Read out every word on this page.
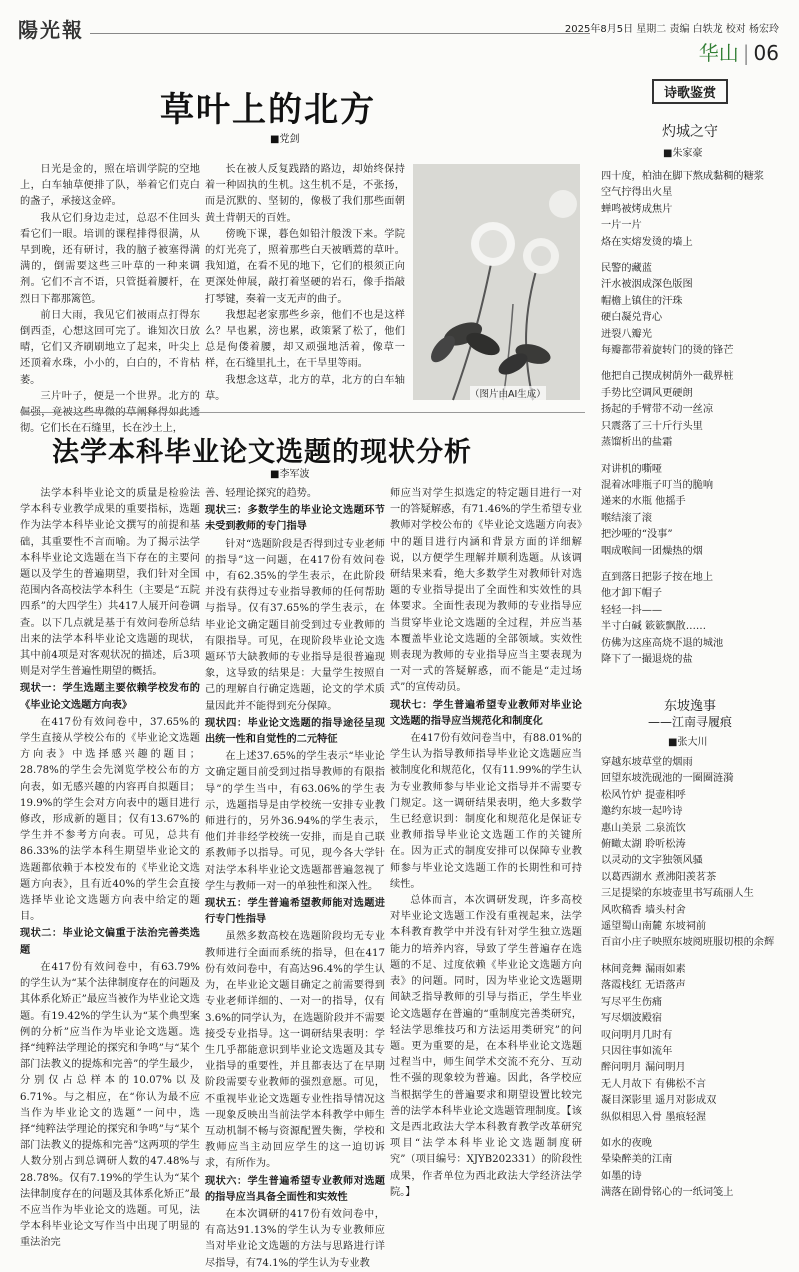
陽光報	2025年8月5日 星期二 责编 白轶龙 校对 杨宏玲
华山 | 06
草叶上的北方
■党剑

日光是金的，照在培训学院的空地上，白车轴草便排了队，举着它们克白的盏子，承接这金碎。

我从它们身边走过，总忍不住回头看它们一眼。培训的课程排得很满，从早到晚，还有研讨，我的脑子被塞得满满的，倒需要这些三叶草的一种来调剂。它们不言不语，只管挺着腰杆，在烈日下都那篱笆。

前日大雨，我见它们被雨点打得东倒西歪，心想这回可完了。谁知次日放晴，它们又齐刷刷地立了起来，叶尖上还顶着水珠，小小的，白白的，不肯枯萎。

三片叶子，便是一个世界。北方的倔强，竟被这些卑微的草阐释得如此透彻。它们长在石缝里，长在沙土上，

长在被人反复践踏的路边，却始终保持着一种固执的生机。这生机不是，不张扬，而是沉默的、坚韧的，像极了我们那些面朝黄土背朝天的百姓。

傍晚下课，暮色如铅汁般泼下来。学院的灯光亮了，照着那些白天被晒蔫的草叶。我知道，在看不见的地下，它们的根须正向更深处伸展，敲打着坚硬的岩石，像手指敲打琴键，奏着一支无声的曲子。

我想起老家那些乡亲，他们不也是这样么？早也累，滂也累，政策紧了松了，他们总是佝偻着腰，却又顽强地活着，像草一样，在石缝里扎土，在干旱里等雨。

我想念这草，北方的草，北方的白车轴草。	（图片由AI生成）
法学本科毕业论文选题的现状分析
■李军波

法学本科毕业论文的质量是检验法学本科专业教学成果的重要指标，选题作为法学本科毕业论文撰写的前提和基础，其重要性不言而喻。为了揭示法学本科毕业论文选题在当下存在的主要问题以及学生的普遍期望，我们针对全国范围内各高校法学本科生（主要是“五院四系”的大四学生）共417人展开问卷调查。以下几点就是基于有效问卷所总结出来的法学本科毕业论文选题的现状，其中前4项是对客观状况的描述，后3项则是对学生普遍性期望的概括。

现状一：学生选题主要依赖学校发布的《毕业论文选题方向表》

在417份有效问卷中，37.65%的学生直接从学校公布的《毕业论文选题方向表》中选择感兴趣的题目；28.78%的学生会先浏览学校公布的方向表，如无感兴趣的内容再自拟题目；19.9%的学生会对方向表中的题目进行修改，形成新的题目；仅有13.67%的学生并不参考方向表。可见，总共有86.33%的法学本科生期望毕业论文的选题都依赖于本校发布的《毕业论文选题方向表》，且有近40%的学生会直接选择毕业论文选题方向表中给定的题目。

现状二：毕业论文偏重于法治完善类选题

在417份有效问卷中，有63.79%的学生认为“某个法律制度存在的问题及其体系化矫正”最应当被作为毕业论文选题。有19.42%的学生认为“某个典型案例的分析”应当作为毕业论文选题。选择“纯粹法学理论的探究和争鸣”与“某个部门法教义的提炼和完善”的学生最少，分别仅占总样本的10.07%以及6.71%。与之相应，在“你认为最不应当作为毕业论文的选题”一问中，选择“纯粹法学理论的探究和争鸣”与“某个部门法教义的提炼和完善”这两项的学生人数分别占到总调研人数的47.48%与28.78%。仅有7.19%的学生认为“某个法律制度存在的问题及其体系化矫正”最不应当作为毕业论文的选题。可见，法学本科毕业论文写作当中出现了明显的重法治完

善、轻理论探究的趋势。

现状三：多数学生的毕业论文选题环节未受到教师的专门指导

针对“选题阶段是否得到过专业老师的指导”这一问题，在417份有效问卷中，有62.35%的学生表示，在此阶段并没有获得过专业指导教师的任何帮助与指导。仅有37.65%的学生表示，在毕业论文确定题目前受到过专业教师的有限指导。可见，在现阶段毕业论文选题环节大缺教师的专业指导是很普遍现象，这导致的结果是：大量学生按照自己的理解自行确定选题，论文的学术质量因此并不能得到充分保障。

现状四：毕业论文选题的指导途径呈现出统一性和自觉性的二元特征

在上述37.65%的学生表示“毕业论文确定题目前受到过指导教师的有限指导”的学生当中，有63.06%的学生表示，选题指导是由学校统一安排专业教师进行的，另外36.94%的学生表示，他们并非经学校统一安排，而是自己联系教师予以指导。可见，现今各大学针对法学本科毕业论文选题都普遍忽视了学生与教师一对一的单独性和深入性。

现状五：学生普遍希望教师能对选题进行专门性指导

虽然多数高校在选题阶段均无专业教师进行全面而系统的指导，但在417份有效问卷中，有高达96.4%的学生认为，在毕业论文题目确定之前需要得到专业老师详细的、一对一的指导，仅有3.6%的同学认为，在选题阶段并不需要接受专业指导。这一调研结果表明：学生几乎都能意识到毕业论文选题及其专业指导的重要性，并且都表达了在早期阶段需要专业教师的强烈意愿。可见，不重视毕业论文选题专业性指导情况这一现象反映出当前法学本科教学中师生互动机制不畅与资源配置失衡，学校和教师应当主动回应学生的这一迫切诉求，有所作为。

现状六：学生普遍希望专业教师对选题的指导应当具备全面性和实效性

在本次调研的417份有效问卷中，有高达91.13%的学生认为专业教师应当对毕业论文选题的方法与思路进行详尽指导，有74.1%的学生认为专业教

师应当对学生拟选定的特定题目进行一对一的答疑解惑，有71.46%的学生希望专业教师对学校公布的《毕业论文选题方向表》中的题目进行内涵和背景方面的详细解说，以方便学生理解并顺利选题。从该调研结果来看，绝大多数学生对教师针对选题的专业指导提出了全面性和实效性的具体要求。全面性表现为教师的专业指导应当贯穿毕业论文选题的全过程，并应当基本覆盖毕业论文选题的全部领域。实效性则表现为教师的专业指导应当主要表现为一对一式的答疑解惑，而不能是“走过场式”的宣传动员。

现状七：学生普遍希望专业教师对毕业论文选题的指导应当规范化和制度化

在417份有效问卷当中，有88.01%的学生认为指导教师指导毕业论文选题应当被制度化和规范化，仅有11.99%的学生认为专业教师参与毕业论文指导并不需要专门规定。这一调研结果表明，绝大多数学生已经意识到：制度化和规范化是保证专业教师指导毕业论文选题工作的关键所在。因为正式的制度安排可以保障专业教师参与毕业论文选题工作的长期性和可持续性。

总体而言，本次调研发现，许多高校对毕业论文选题工作没有重视起来，法学本科教育教学中并没有针对学生独立选题能力的培养内容，导致了学生普遍存在选题的不足、过度依赖《毕业论文选题方向表》的问题。同时，因为毕业论文选题期间缺乏指导教师的引导与指正，学生毕业论文选题存在普遍的“重制度完善类研究，轻法学思维技巧和方法运用类研究”的问题。更为重要的是，在本科毕业论文选题过程当中，师生间学术交流不充分、互动性不强的现象较为普遍。因此，各学校应当根据学生的普遍要求和期望设置比较完善的法学本科毕业论文选题管理制度。【该文是西北政法大学本科教育教学改革研究项目“法学本科毕业论文选题制度研究”（项目编号：XJYB202331）的阶段性成果，作者单位为西北政法大学经济法学院。】

诗歌鉴赏
灼城之守
■朱家豪
四十度，柏油在脚下熬成黏稠的糖浆
空气拧得出火星
蝉鸣被烤成焦片
一片一片
烙在实熔发烫的墙上
民警的藏蓝
汗水被洇成深色版图
帽檐上镇住的汗珠
硬白凝兑背心
迸裂八瓣光
每瓣都带着旋转门的烫的锋芒
他把自己揳成树荫外一截界桩
手势比空调风更硬朗
扬起的手臂带不动一丝凉
只震落了三十斤行头里
蒸馏析出的盐霜
对讲机的嘶哑
混着冰啡瓶子叮当的脆响
递来的水瓶 他摇手
喉结滚了滚
把沙哑的“没事”
咽成喉间一团燥热的烟
直到落日把影子按在地上
他才卸下帽子
轻轻一抖——
半寸白碱 簌簌飘散……
仿佛为这座高烧不退的城池
降下了一撮退烧的盐
东坡逸事
——江南寻履痕
■张大川
穿越东坡草堂的烟雨
回望东坡洗砚池的一圈圈涟漪
松风竹炉 提壶相呼
邀约东坡一起吟诗
惠山美景 二泉流饮
俯瞰太湖 聆听松涛
以灵动的文字独领风骚
以葛西湖水 煮沸阳羡茗茶
三足提梁的东坡壶里书写疏丽人生
风吹稿香 墙头村舍
遥望蜀山南麓 东坡祠前
百亩小庄子映照东坡阅班服切根的余辉
林间竞舞 漏雨如素
落霞栈红 无语落声
写尽平生伤痛
写尽烟波殿宿
叹问明月几时有
只因往事如流年
醉问明月 漏问明月
无人月故下 有佛松不言
凝目深影里 遥月对影成双
纵似相思入骨 墨痕轻渥
如水的夜晚
晕染醉美的江南
如墨的诗
满落在剧骨铭心的一纸词笺上
